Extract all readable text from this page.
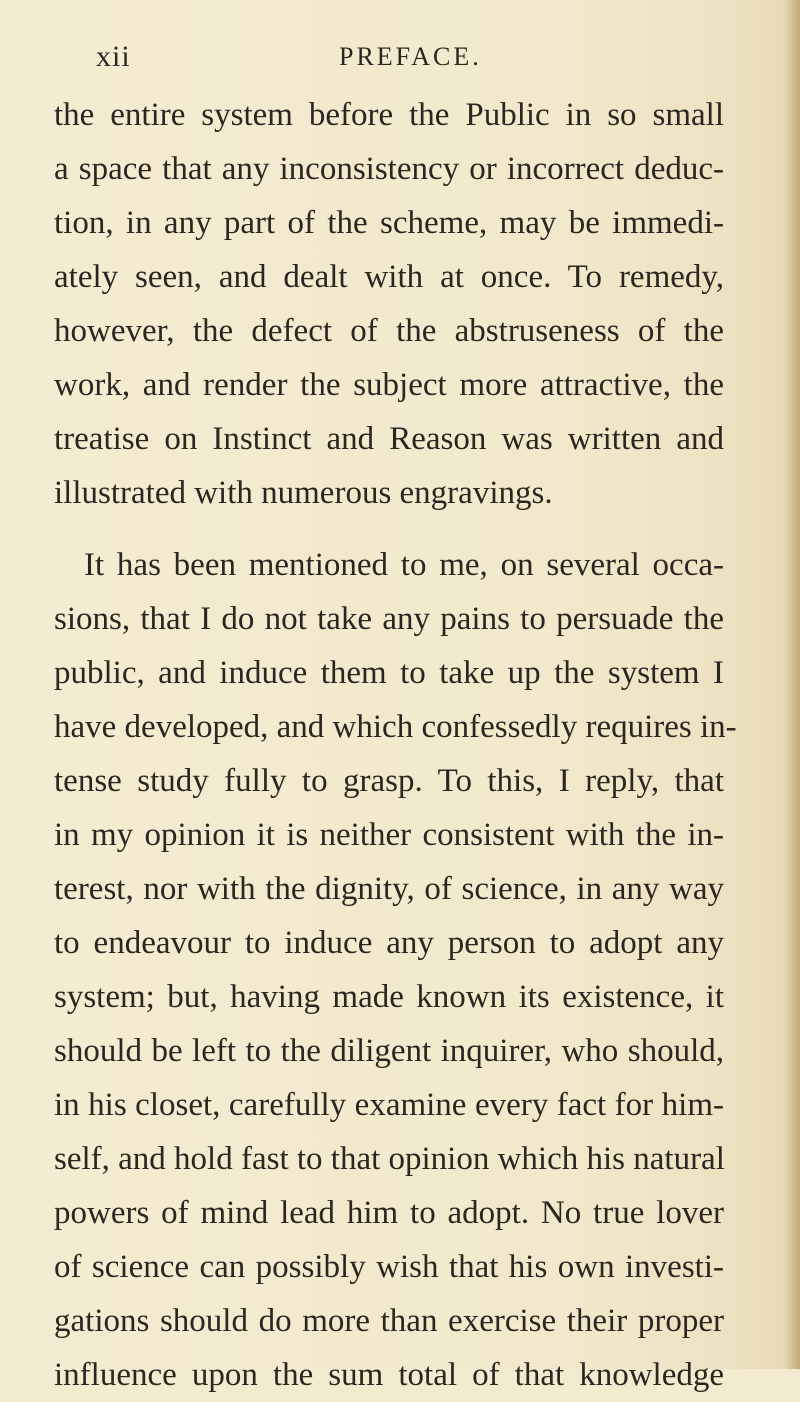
xii	PREFACE.
the entire system before the Public in so small
a space that any inconsistency or incorrect deduc-
tion, in any part of the scheme, may be immedi-
ately seen, and dealt with at once. To remedy,
however, the defect of the abstruseness of the
work, and render the subject more attractive, the
treatise on Instinct and Reason was written and
illustrated with numerous engravings.
It has been mentioned to me, on several occa-
sions, that I do not take any pains to persuade the
public, and induce them to take up the system I
have developed, and which confessedly requires in-
tense study fully to grasp. To this, I reply, that
in my opinion it is neither consistent with the in-
terest, nor with the dignity, of science, in any way
to endeavour to induce any person to adopt any
system; but, having made known its existence, it
should be left to the diligent inquirer, who should,
in his closet, carefully examine every fact for him-
self, and hold fast to that opinion which his natural
powers of mind lead him to adopt. No true lover
of science can possibly wish that his own investi-
gations should do more than exercise their proper
influence upon the sum total of that knowledge
